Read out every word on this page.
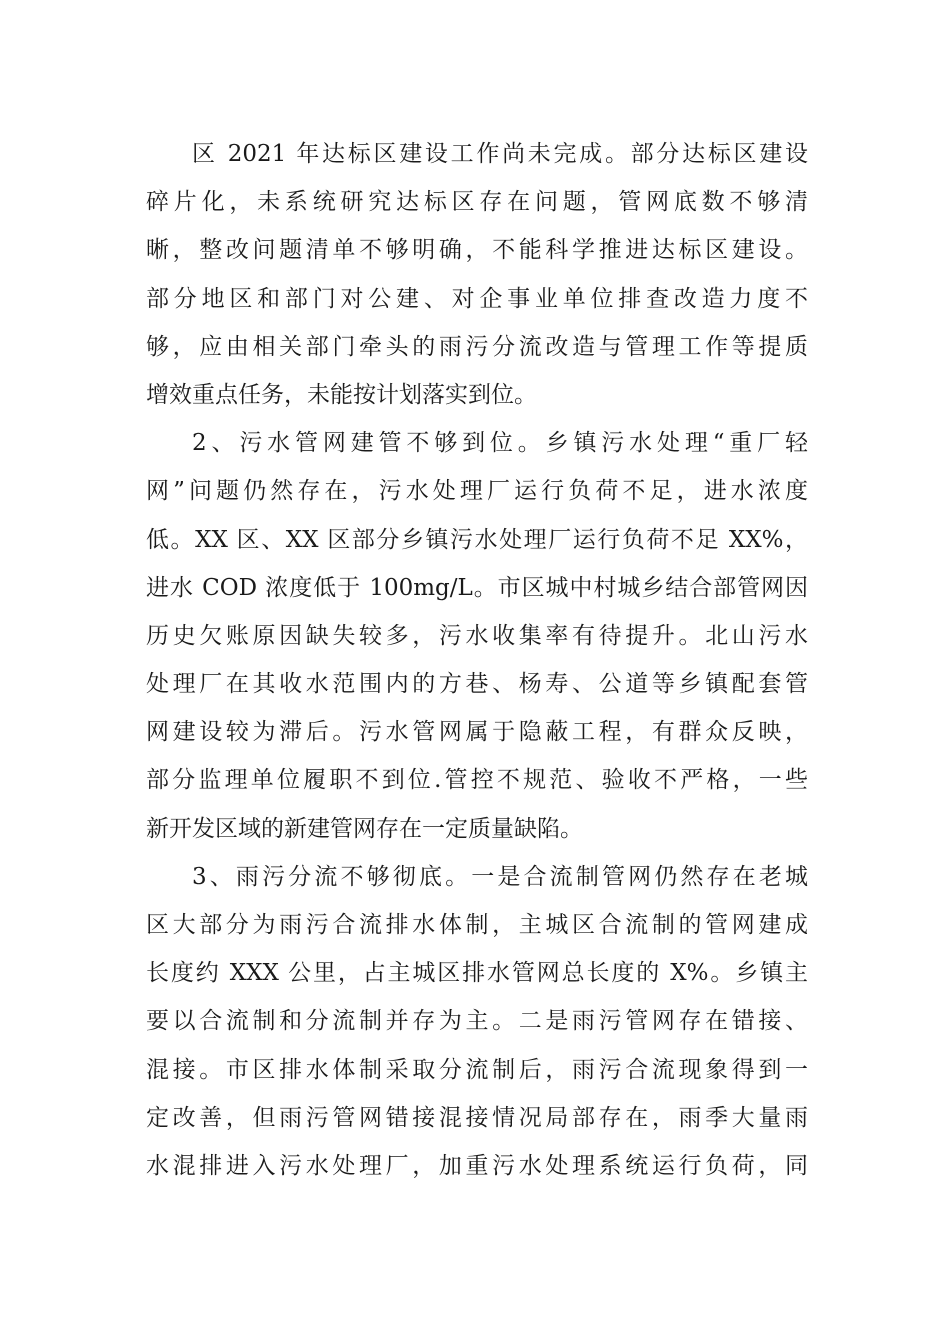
区 2021 年达标区建设工作尚未完成。部分达标区建设
碎片化，未系统研究达标区存在问题，管网底数不够清
晰，整改问题清单不够明确，不能科学推进达标区建设。
部分地区和部门对公建、对企事业单位排查改造力度不
够，应由相关部门牵头的雨污分流改造与管理工作等提质
增效重点任务，未能按计划落实到位。
2、污水管网建管不够到位。乡镇污水处理“重厂轻
网”问题仍然存在，污水处理厂运行负荷不足，进水浓度
低。XX 区、XX 区部分乡镇污水处理厂运行负荷不足 XX%，
进水 COD 浓度低于 100mg/L。市区城中村城乡结合部管网因
历史欠账原因缺失较多，污水收集率有待提升。北山污水
处理厂在其收水范围内的方巷、杨寿、公道等乡镇配套管
网建设较为滞后。污水管网属于隐蔽工程，有群众反映，
部分监理单位履职不到位.管控不规范、验收不严格，一些
新开发区域的新建管网存在一定质量缺陷。
3、雨污分流不够彻底。一是合流制管网仍然存在老城
区大部分为雨污合流排水体制，主城区合流制的管网建成
长度约 XXX 公里，占主城区排水管网总长度的 X%。乡镇主
要以合流制和分流制并存为主。二是雨污管网存在错接、
混接。市区排水体制采取分流制后，雨污合流现象得到一
定改善，但雨污管网错接混接情况局部存在，雨季大量雨
水混排进入污水处理厂，加重污水处理系统运行负荷，同
